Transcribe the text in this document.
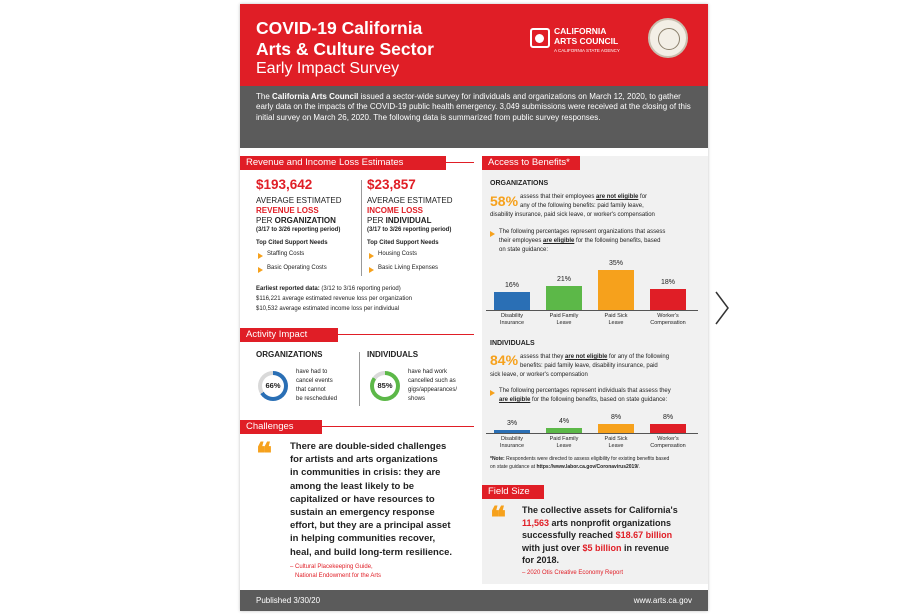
COVID-19 California
Arts & Culture Sector
Early Impact Survey
CALIFORNIA
ARTS COUNCIL
A CALIFORNIA STATE AGENCY
The California Arts Council issued a sector-wide survey for individuals and organizations on March 12, 2020, to gather early data on the impacts of the COVID-19 public health emergency. 3,049 submissions were received at the closing of this initial survey on March 26, 2020. The following data is summarized from public survey responses.
Revenue and Income Loss Estimates
$193,642
AVERAGE ESTIMATED
REVENUE LOSS
PER ORGANIZATION
(3/17 to 3/26 reporting period)
Top Cited Support Needs
Staffing Costs
Basic Operating Costs
$23,857
AVERAGE ESTIMATED
INCOME LOSS
PER INDIVIDUAL
(3/17 to 3/26 reporting period)
Top Cited Support Needs
Housing Costs
Basic Living Expenses
Earliest reported data: (3/12 to 3/16 reporting period)
$116,221 average estimated revenue loss per organization
$10,532 average estimated income loss per individual
Activity Impact
ORGANIZATIONS
66%
have had to
cancel events
that cannot
be rescheduled
INDIVIDUALS
85%
have had work
cancelled such as
gigs/appearances/
shows
Challenges
❝ There are double-sided challenges
for artists and arts organizations
in communities in crisis: they are
among the least likely to be
capitalized or have resources to
sustain an emergency response
effort, but they are a principal asset
in helping communities recover,
heal, and build long-term resilience.
– Cultural Placekeeping Guide,
National Endowment for the Arts
Access to Benefits*
ORGANIZATIONS
58% assess that their employees are not eligible for
any of the following benefits: paid family leave,
disability insurance, paid sick leave, or worker's compensation
The following percentages represent organizations that assess
their employees are eligible for the following benefits, based
on state guidance:
INDIVIDUALS
84% assess that they are not eligible for any of the following
benefits: paid family leave, disability insurance, paid
sick leave, or worker's compensation
The following percentages represent individuals that assess they
are eligible for the following benefits, based on state guidance:
*Note: Respondents were directed to assess eligibility for existing benefits based
on state guidance at https://www.labor.ca.gov/Coronavirus2019/.
Field Size
❝ The collective assets for California's
11,563 arts nonprofit organizations
successfully reached $18.67 billion
with just over $5 billion in revenue
for 2018.
– 2020 Otis Creative Economy Report
Published 3/30/20	www.arts.ca.gov
16%
Disability
Insurance
21%
Paid Family
Leave
35%
Paid Sick
Leave
18%
Worker's
Compensation
3%
Disability
Insurance
4%
Paid Family
Leave
8%
Paid Sick
Leave
8%
Worker's
Compensation
